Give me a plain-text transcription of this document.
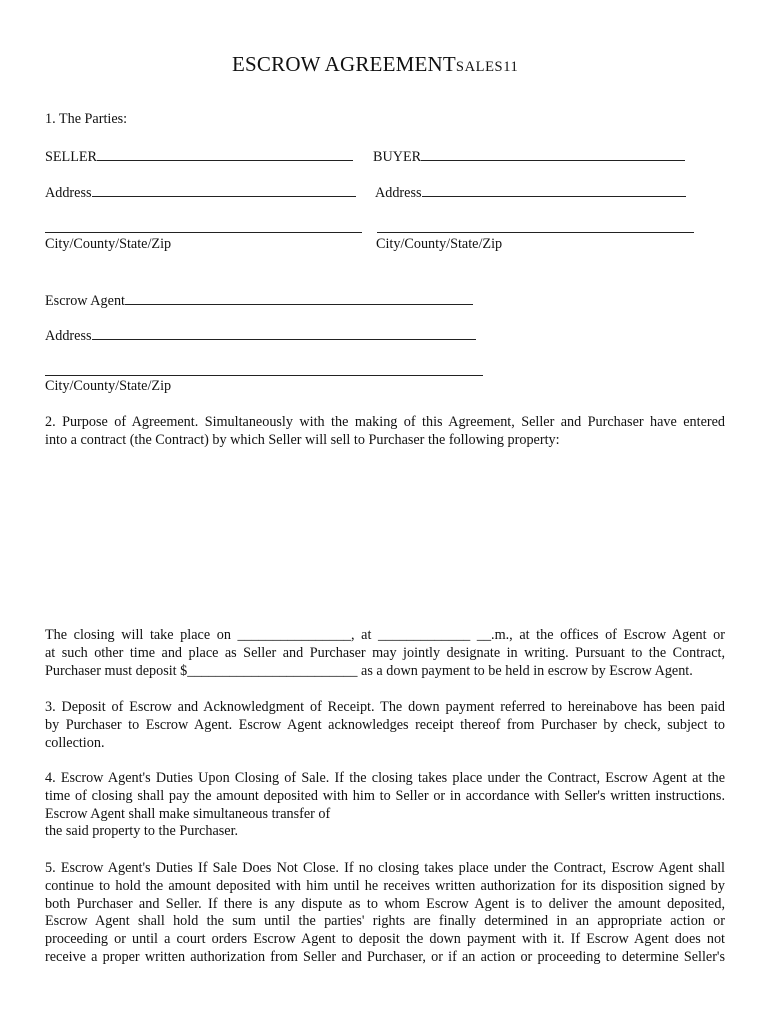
ESCROW AGREEMENTSALES11
1. The Parties:
SELLER	BUYER
Address	Address
City/County/State/Zip	City/County/State/Zip
Escrow Agent
Address
City/County/State/Zip
2. Purpose of Agreement. Simultaneously with the making of this Agreement, Seller and Purchaser have entered
into a contract (the Contract) by which Seller will sell to Purchaser the following property:
The closing will take place on ________________, at _____________ __.m., at the offices of Escrow Agent or
at such other time and place as Seller and Purchaser may jointly designate in writing. Pursuant to the Contract,
Purchaser must deposit $________________________ as a down payment to be held in escrow by Escrow Agent.
3. Deposit of Escrow and Acknowledgment of Receipt. The down payment referred to hereinabove has been paid
by Purchaser to Escrow Agent. Escrow Agent acknowledges receipt thereof from Purchaser by check, subject to
collection.
4. Escrow Agent's Duties Upon Closing of Sale. If the closing takes place under the Contract, Escrow Agent at the
time of closing shall pay the amount deposited with him to Seller or in accordance with Seller's written instructions.
Escrow Agent shall make simultaneous transfer of
the said property to the Purchaser.
5. Escrow Agent's Duties If Sale Does Not Close. If no closing takes place under the Contract, Escrow Agent shall
continue to hold the amount deposited with him until he receives written authorization for its disposition signed by
both Purchaser and Seller. If there is any dispute as to whom Escrow Agent is to deliver the amount deposited,
Escrow Agent shall hold the sum until the parties' rights are finally determined in an appropriate action or
proceeding or until a court orders Escrow Agent to deposit the down payment with it. If Escrow Agent does not
receive a proper written authorization from Seller and Purchaser, or if an action or proceeding to determine Seller's
